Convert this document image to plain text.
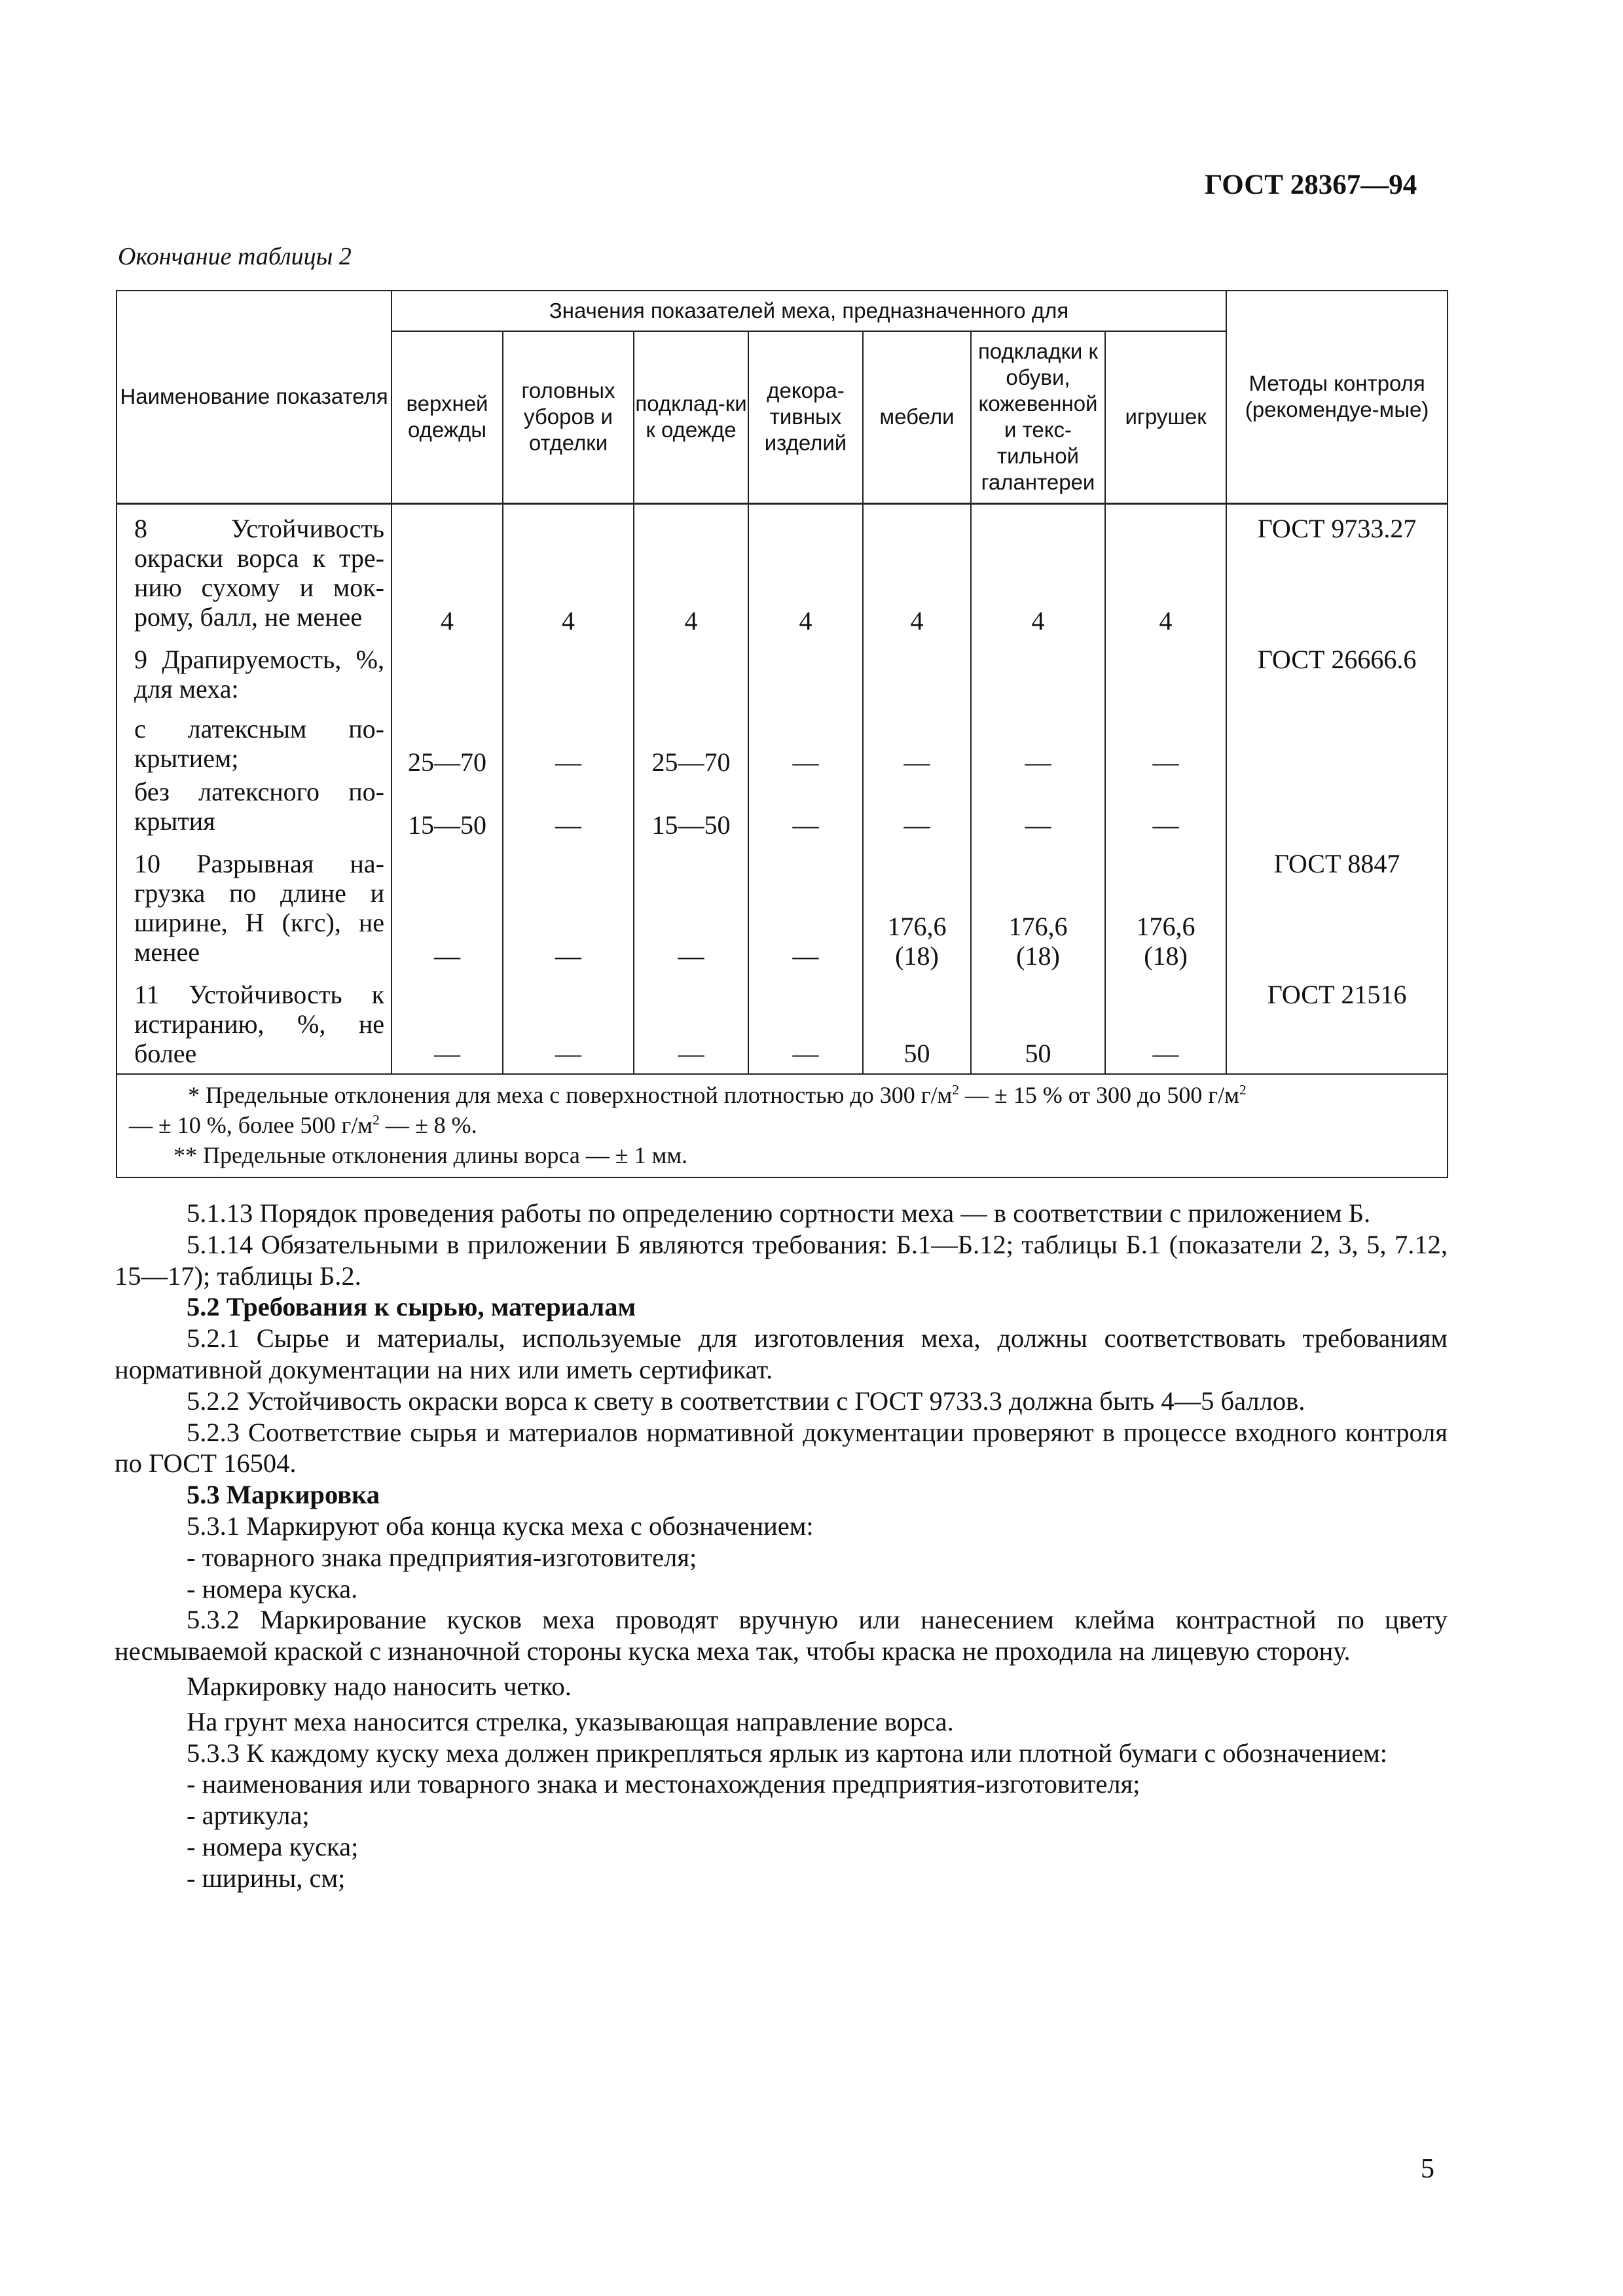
ГОСТ 28367—94
Окончание таблицы 2
Наименование показателя	Значения показателей меха, предназначенного для							Методы контроля (рекомендуе-мые)
	верхней одежды	головных уборов и отделки	подклад-ки к одежде	декора-тивных изделий	мебели	подкладки к обуви, кожевенной и текс-тильной галантереи	игрушек	
8 Устойчивость окраски ворса к тре-нию сухому и мок-рому, балл, не менее	4	4	4	4	4	4	4	ГОСТ 9733.27
9 Драпируемость, %, для меха:								ГОСТ 26666.6
с латексным по-крытием;	25—70	—	25—70	—	—	—	—	
без латексного по-крытия	15—50	—	15—50	—	—	—	—	
10 Разрывная на-грузка по длине и ширине, Н (кгс), не менее	—	—	—	—	176,6 (18)	176,6 (18)	176,6 (18)	ГОСТ 8847
11 Устойчивость к истиранию, %, не более	—	—	—	—	50	50	—	ГОСТ 21516

* Предельные отклонения для меха с поверхностной плотностью до 300 $г/м^2$ — ± 15 % от 300 до 500 $г/м^2$
— ± 10 %, более 500 $г/м^2$ — ± 8 %.
** Предельные отклонения длины ворса — ± 1 мм.								

5.1.13 Порядок проведения работы по определению сортности меха — в соответствии с приложением Б.

5.1.14 Обязательными в приложении Б являются требования: Б.1—Б.12; таблицы Б.1 (показатели 2, 3, 5, 7.12, 15—17); таблицы Б.2.

5.2 Требования к сырью, материалам

5.2.1 Сырье и материалы, используемые для изготовления меха, должны соответствовать требованиям нормативной документации на них или иметь сертификат.

5.2.2 Устойчивость окраски ворса к свету в соответствии с ГОСТ 9733.3 должна быть 4—5 баллов.

5.2.3 Соответствие сырья и материалов нормативной документации проверяют в процессе входного контроля по ГОСТ 16504.

5.3 Маркировка

5.3.1 Маркируют оба конца куска меха с обозначением:

- товарного знака предприятия-изготовителя;

- номера куска.

5.3.2 Маркирование кусков меха проводят вручную или нанесением клейма контрастной по цвету несмываемой краской с изнаночной стороны куска меха так, чтобы краска не проходила на лицевую сторону.

Маркировку надо наносить четко.

На грунт меха наносится стрелка, указывающая направление ворса.

5.3.3 К каждому куску меха должен прикрепляться ярлык из картона или плотной бумаги с обозначением:

- наименования или товарного знака и местонахождения предприятия-изготовителя;

- артикула;

- номера куска;

- ширины, см;

5
